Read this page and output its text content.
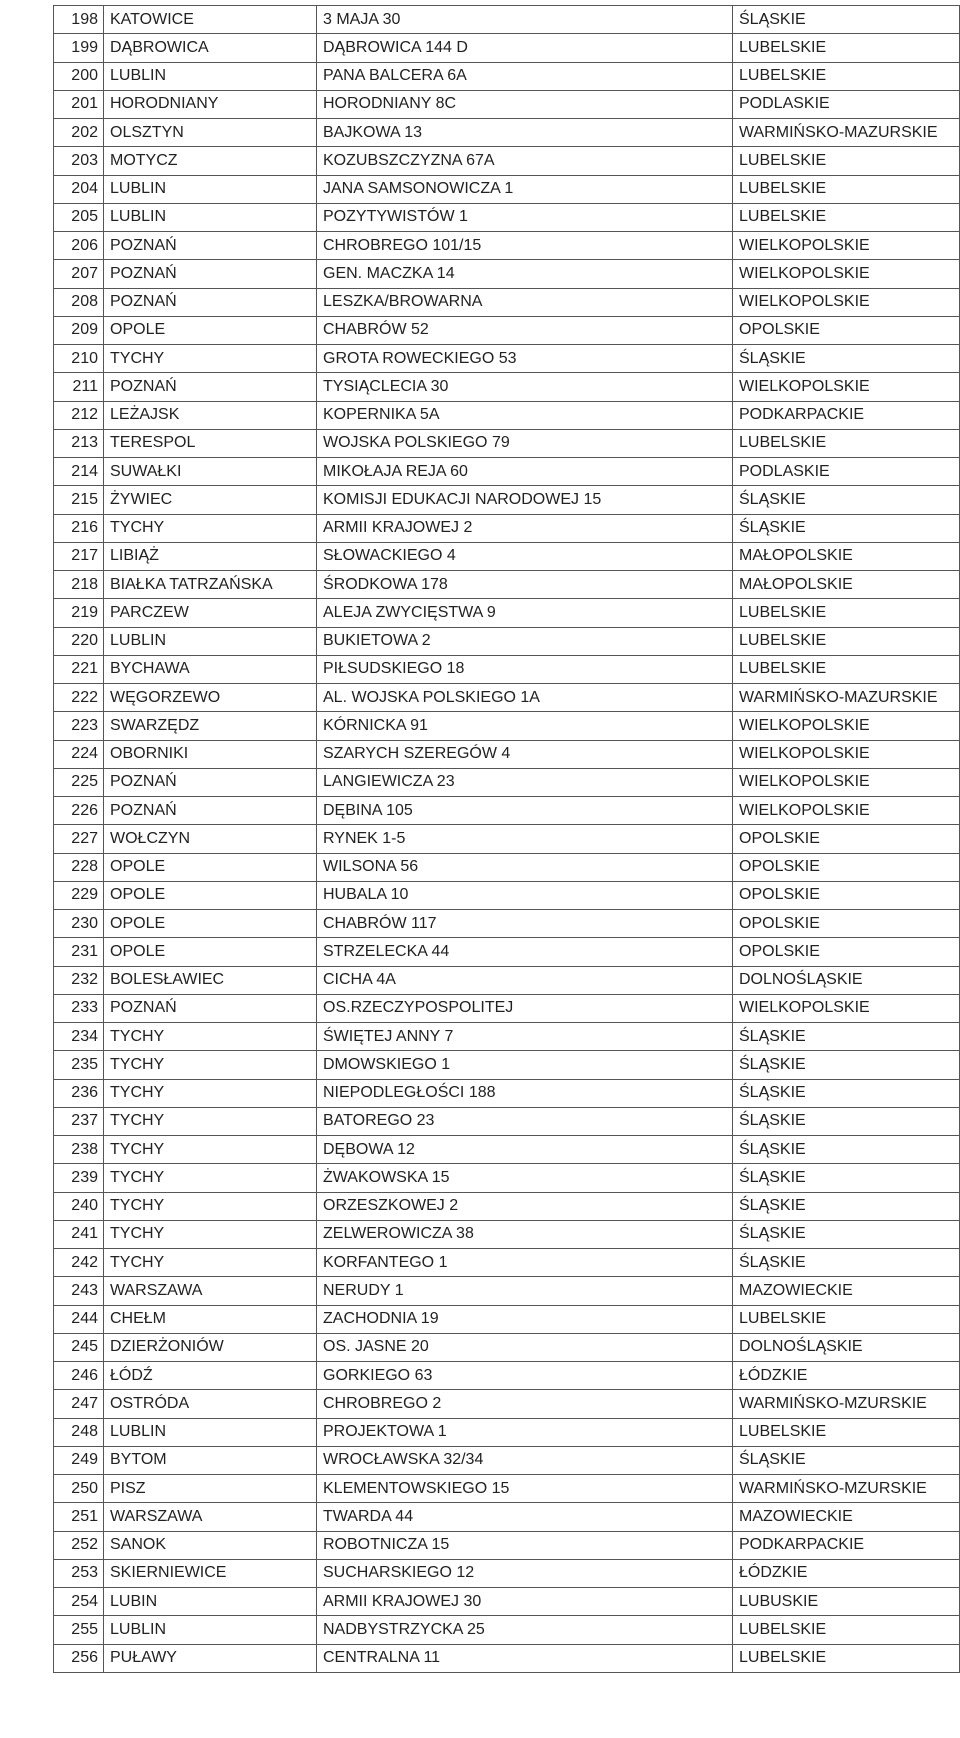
198	KATOWICE	3 MAJA 30	ŚLĄSKIE
199	DĄBROWICA	DĄBROWICA 144 D	LUBELSKIE
200	LUBLIN	PANA BALCERA 6A	LUBELSKIE
201	HORODNIANY	HORODNIANY 8C	PODLASKIE
202	OLSZTYN	BAJKOWA 13	WARMIŃSKO-MAZURSKIE
203	MOTYCZ	KOZUBSZCZYZNA 67A	LUBELSKIE
204	LUBLIN	JANA SAMSONOWICZA 1	LUBELSKIE
205	LUBLIN	POZYTYWISTÓW 1	LUBELSKIE
206	POZNAŃ	CHROBREGO 101/15	WIELKOPOLSKIE
207	POZNAŃ	GEN. MACZKA 14	WIELKOPOLSKIE
208	POZNAŃ	LESZKA/BROWARNA	WIELKOPOLSKIE
209	OPOLE	CHABRÓW 52	OPOLSKIE
210	TYCHY	GROTA ROWECKIEGO 53	ŚLĄSKIE
211	POZNAŃ	TYSIĄCLECIA 30	WIELKOPOLSKIE
212	LEŻAJSK	KOPERNIKA 5A	PODKARPACKIE
213	TERESPOL	WOJSKA POLSKIEGO 79	LUBELSKIE
214	SUWAŁKI	MIKOŁAJA REJA 60	PODLASKIE
215	ŻYWIEC	KOMISJI EDUKACJI NARODOWEJ 15	ŚLĄSKIE
216	TYCHY	ARMII KRAJOWEJ 2	ŚLĄSKIE
217	LIBIĄŻ	SŁOWACKIEGO 4	MAŁOPOLSKIE
218	BIAŁKA TATRZAŃSKA	ŚRODKOWA 178	MAŁOPOLSKIE
219	PARCZEW	ALEJA ZWYCIĘSTWA 9	LUBELSKIE
220	LUBLIN	BUKIETOWA 2	LUBELSKIE
221	BYCHAWA	PIŁSUDSKIEGO 18	LUBELSKIE
222	WĘGORZEWO	AL. WOJSKA POLSKIEGO 1A	WARMIŃSKO-MAZURSKIE
223	SWARZĘDZ	KÓRNICKA 91	WIELKOPOLSKIE
224	OBORNIKI	SZARYCH SZEREGÓW 4	WIELKOPOLSKIE
225	POZNAŃ	LANGIEWICZA 23	WIELKOPOLSKIE
226	POZNAŃ	DĘBINA 105	WIELKOPOLSKIE
227	WOŁCZYN	RYNEK 1-5	OPOLSKIE
228	OPOLE	WILSONA 56	OPOLSKIE
229	OPOLE	HUBALA 10	OPOLSKIE
230	OPOLE	CHABRÓW 117	OPOLSKIE
231	OPOLE	STRZELECKA 44	OPOLSKIE
232	BOLESŁAWIEC	CICHA 4A	DOLNOŚLĄSKIE
233	POZNAŃ	OS.RZECZYPOSPOLITEJ	WIELKOPOLSKIE
234	TYCHY	ŚWIĘTEJ ANNY 7	ŚLĄSKIE
235	TYCHY	DMOWSKIEGO 1	ŚLĄSKIE
236	TYCHY	NIEPODLEGŁOŚCI 188	ŚLĄSKIE
237	TYCHY	BATOREGO 23	ŚLĄSKIE
238	TYCHY	DĘBOWA 12	ŚLĄSKIE
239	TYCHY	ŻWAKOWSKA 15	ŚLĄSKIE
240	TYCHY	ORZESZKOWEJ 2	ŚLĄSKIE
241	TYCHY	ZELWEROWICZA 38	ŚLĄSKIE
242	TYCHY	KORFANTEGO 1	ŚLĄSKIE
243	WARSZAWA	NERUDY 1	MAZOWIECKIE
244	CHEŁM	ZACHODNIA 19	LUBELSKIE
245	DZIERŻONIÓW	OS. JASNE 20	DOLNOŚLĄSKIE
246	ŁÓDŹ	GORKIEGO 63	ŁÓDZKIE
247	OSTRÓDA	CHROBREGO 2	WARMIŃSKO-MZURSKIE
248	LUBLIN	PROJEKTOWA 1	LUBELSKIE
249	BYTOM	WROCŁAWSKA 32/34	ŚLĄSKIE
250	PISZ	KLEMENTOWSKIEGO 15	WARMIŃSKO-MZURSKIE
251	WARSZAWA	TWARDA 44	MAZOWIECKIE
252	SANOK	ROBOTNICZA 15	PODKARPACKIE
253	SKIERNIEWICE	SUCHARSKIEGO 12	ŁÓDZKIE
254	LUBIN	ARMII KRAJOWEJ 30	LUBUSKIE
255	LUBLIN	NADBYSTRZYCKA 25	LUBELSKIE
256	PUŁAWY	CENTRALNA 11	LUBELSKIE
